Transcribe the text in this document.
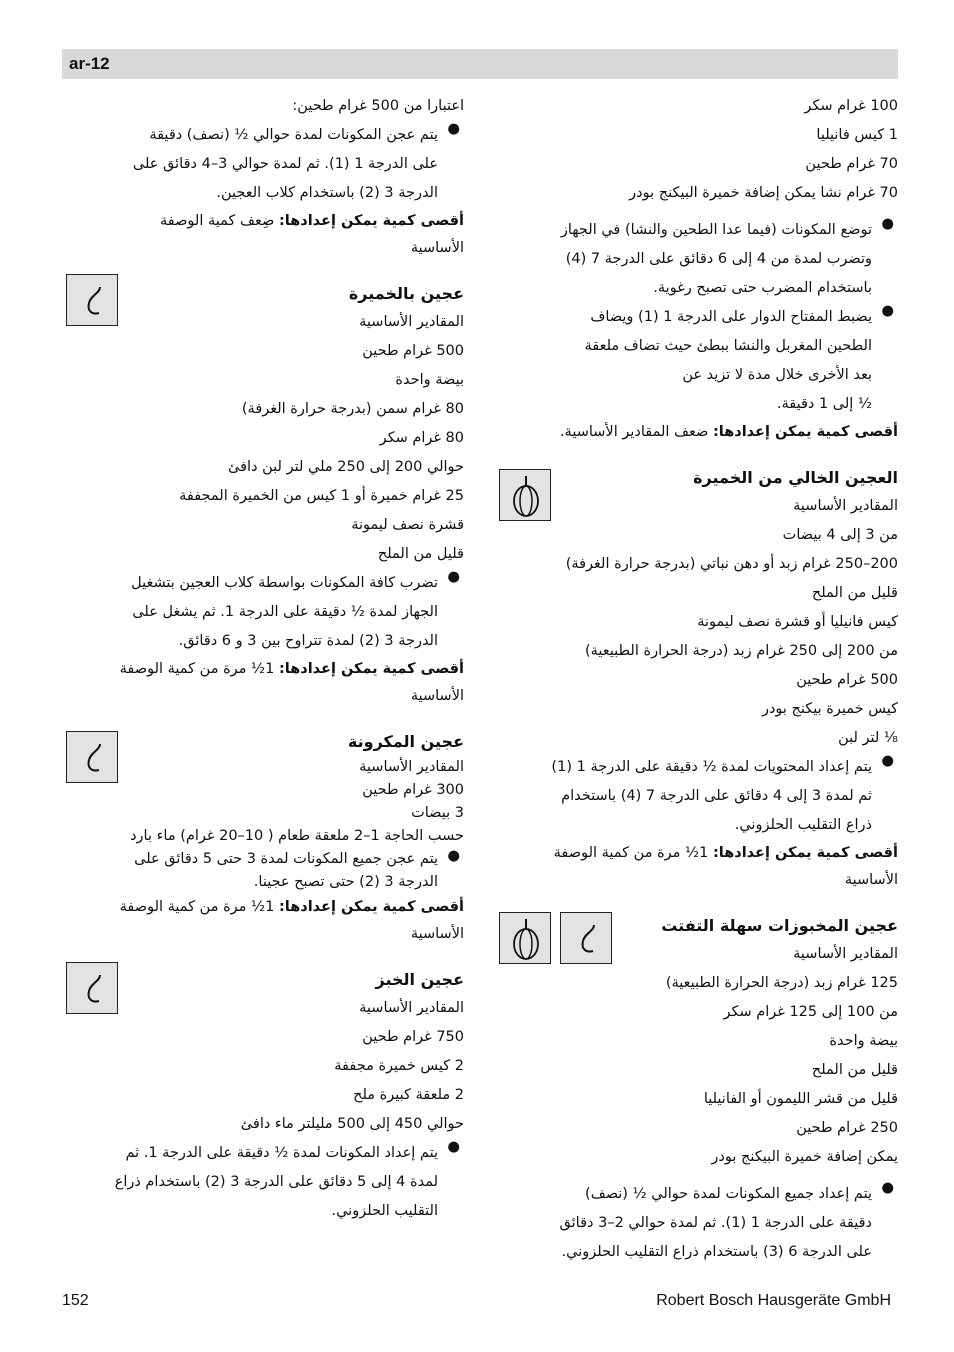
ar-12
100 غرام سكر
1 كيس فانيليا
70 غرام طحين
70 غرام نشا يمكن إضافة خميرة البيكنج بودر
●
توضع المكونات (فيما عدا الطحين والنشا) في الجهاز
وتضرب لمدة من 4 إلى 6 دقائق على الدرجة 7 (4)
باستخدام المضرب حتى تصبح رغوية.
●
يضبط المفتاح الدوار على الدرجة 1 (1) ويضاف
الطحين المغربل والنشا ببطئ حيث تضاف ملعقة
بعد الأخرى خلال مدة لا تزيد عن
½ إلى 1 دقيقة.
أقصى كمية يمكن إعدادها: ضعف المقادير الأساسية.
العجين الخالي من الخميرة
المقادير الأساسية
من 3 إلى 4 بيضات
200–250 غرام زبد أو دهن نباتي (بدرجة حرارة الغرفة)
قليل من الملح
كيس فانيليا أو قشرة نصف ليمونة
من 200 إلى 250 غرام زبد (درجة الحرارة الطبيعية)
500 غرام طحين
كيس خميرة بيكنج بودر
⅛ لتر لبن
●
يتم إعداد المحتويات لمدة ½ دقيقة على الدرجة 1 (1)
ثم لمدة 3 إلى 4 دقائق على الدرجة 7 (4) باستخدام
ذراع التقليب الحلزوني.
أقصى كمية يمكن إعدادها: 1½ مرة من كمية الوصفة
الأساسية
عجين المخبوزات سهلة التفتت
المقادير الأساسية
125 غرام زبد (درجة الحرارة الطبيعية)
من 100 إلى 125 غرام سكر
بيضة واحدة
قليل من الملح
قليل من قشر الليمون أو الفانيليا
250 غرام طحين
يمكن إضافة خميرة البيكنج بودر
●
يتم إعداد جميع المكونات لمدة حوالي ½ (نصف)
دقيقة على الدرجة 1 (1). ثم لمدة حوالي 2–3 دقائق
على الدرجة 6 (3) باستخدام ذراع التقليب الحلزوني.
اعتبارا من 500 غرام طحين:
●
يتم عجن المكونات لمدة حوالي ½ (نصف) دقيقة
على الدرجة 1 (1). ثم لمدة حوالي 3–4 دقائق على
الدرجة 3 (2) باستخدام كلاب العجين.
أقصى كمية يمكن إعدادها: ضِعف كمية الوصفة
الأساسية
عجين بالخميرة
المقادير الأساسية
500 غرام طحين
بيضة واحدة
80 غرام سمن (بدرجة حرارة الغرفة)
80 غرام سكر
حوالي 200 إلى 250 ملي لتر لبن دافئ
25 غرام خميرة أو 1 كيس من الخميرة المجففة
قشرة نصف ليمونة
قليل من الملح
●
تضرب كافة المكونات بواسطة كلاب العجين بتشغيل
الجهاز لمدة ½ دقيقة على الدرجة 1. ثم يشغل على
الدرجة 3 (2) لمدة تتراوح بين 3 و 6 دقائق.
أقصى كمية يمكن إعدادها: 1½ مرة من كمية الوصفة
الأساسية
عجين المكرونة
المقادير الأساسية
300 غرام طحين
3 بيضات
حسب الحاجة 1–2 ملعقة طعام ( 10–20 غرام) ماء بارد
●
يتم عجن جميع المكونات لمدة 3 حتى 5 دقائق على
الدرجة 3 (2) حتى تصبح عجينا.
أقصى كمية يمكن إعدادها: 1½ مرة من كمية الوصفة
الأساسية
عجين الخبز
المقادير الأساسية
750 غرام طحين
2 كيس خميرة مجففة
2 ملعقة كبيرة ملح
حوالي 450 إلى 500 مليلتر ماء دافئ
●
يتم إعداد المكونات لمدة ½ دقيقة على الدرجة 1. ثم
لمدة 4 إلى 5 دقائق على الدرجة 3 (2) باستخدام ذراع
التقليب الحلزوني.
152	Robert Bosch Hausgeräte GmbH
